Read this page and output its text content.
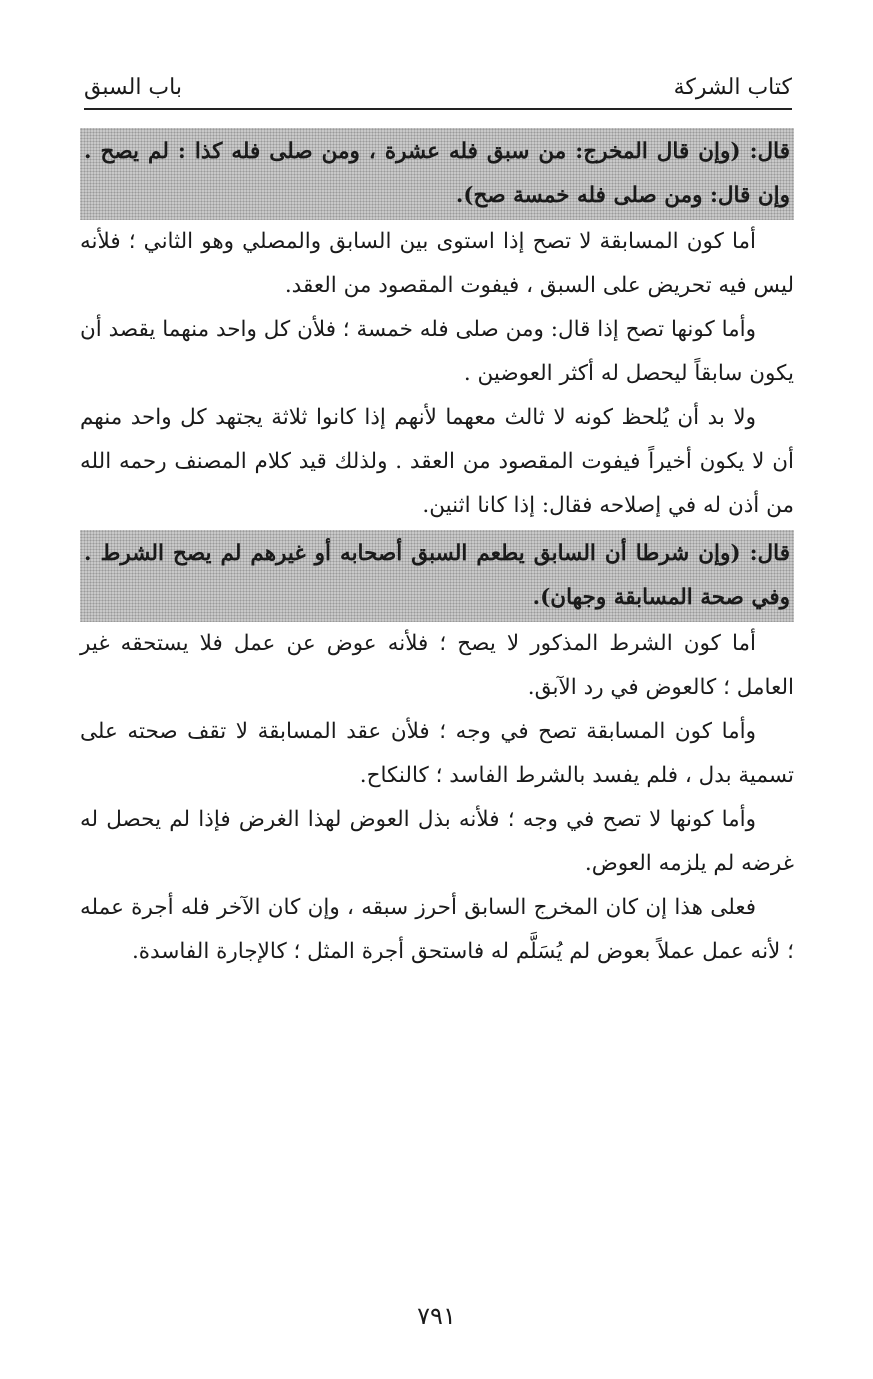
باب السبق	كتاب الشركة

قال: (وإن قال المخرج: من سبق فله عشرة ، ومن صلى فله كذا : لم يصح . وإن قال: ومن صلى فله خمسة صح).

أما كون المسابقة لا تصح إذا استوى بين السابق والمصلي وهو الثاني ؛ فلأنه ليس فيه تحريض على السبق ، فيفوت المقصود من العقد.

وأما كونها تصح إذا قال: ومن صلى فله خمسة ؛ فلأن كل واحد منهما يقصد أن يكون سابقاً ليحصل له أكثر العوضين .

ولا بد أن يُلحظ كونه لا ثالث معهما لأنهم إذا كانوا ثلاثة يجتهد كل واحد منهم أن لا يكون أخيراً فيفوت المقصود من العقد . ولذلك قيد كلام المصنف رحمه الله من أذن له في إصلاحه فقال: إذا كانا اثنين.

قال: (وإن شرطا أن السابق يطعم السبق أصحابه أو غيرهم لم يصح الشرط . وفي صحة المسابقة وجهان).

أما كون الشرط المذكور لا يصح ؛ فلأنه عوض عن عمل فلا يستحقه غير العامل ؛ كالعوض في رد الآبق.

وأما كون المسابقة تصح في وجه ؛ فلأن عقد المسابقة لا تقف صحته على تسمية بدل ، فلم يفسد بالشرط الفاسد ؛ كالنكاح.

وأما كونها لا تصح في وجه ؛ فلأنه بذل العوض لهذا الغرض فإذا لم يحصل له غرضه لم يلزمه العوض.

فعلى هذا إن كان المخرج السابق أحرز سبقه ، وإن كان الآخر فله أجرة عمله ؛ لأنه عمل عملاً بعوض لم يُسَلَّم له فاستحق أجرة المثل ؛ كالإجارة الفاسدة.

٧٩١
